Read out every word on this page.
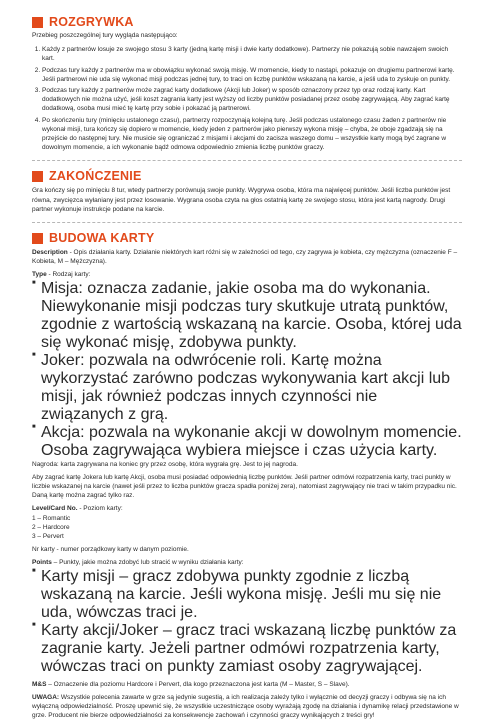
ROZGRYWKA

Przebieg poszczególnej tury wygląda następująco:

1. Każdy z partnerów losuje ze swojego stosu 3 karty (jedną kartę misji i dwie karty dodatkowe). Partnerzy nie pokazują sobie nawzajem swoich kart.
2. Podczas tury każdy z partnerów ma w obowiązku wykonać swoją misję. W momencie, kiedy to nastąpi, pokazuje on drugiemu partnerowi kartę. Jeśli partnerowi nie uda się wykonać misji podczas jednej tury, to traci on liczbę punktów wskazaną na karcie, a jeśli uda to zyskuje on punkty.
3. Podczas tury każdy z partnerów może zagrać karty dodatkowe (Akcji lub Joker) w sposób oznaczony przez typ oraz rodzaj karty. Kart dodatkowych nie można użyć, jeśli koszt zagrania karty jest wyższy od liczby punktów posiadanej przez osobę zagrywającą. Aby zagrać kartę dodatkową, osoba musi mieć tę kartę przy sobie i pokazać ją partnerowi.
4. Po skończeniu tury (minięciu ustalonego czasu), partnerzy rozpoczynają kolejną turę. Jeśli podczas ustalonego czasu żaden z partnerów nie wykonał misji, tura kończy się dopiero w momencie, kiedy jeden z partnerów jako pierwszy wykona misję – chyba, że oboje zgadzają się na przejście do następnej tury. Nie musicie się ograniczać z misjami i akcjami do zacisza waszego domu – wszystkie karty mogą być zagrane w dowolnym momencie, a ich wykonanie bądź odmowa odpowiednio zmienia liczbę punktów graczy.
ZAKOŃCZENIE

Gra kończy się po minięciu 8 tur, wtedy partnerzy porównują swoje punkty. Wygrywa osoba, która ma najwięcej punktów. Jeśli liczba punktów jest równa, zwycięzca wyłaniany jest przez losowanie. Wygrana osoba czyta na głos ostatnią kartę ze swojego stosu, która jest kartą nagrody. Drugi partner wykonuje instrukcje podane na karcie.

BUDOWA KARTY

Description - Opis działania karty. Działanie niektórych kart różni się w zależności od tego, czy zagrywa je kobieta, czy mężczyzna (oznaczenie F – Kobieta, M – Mężczyzna).

Type - Rodzaj karty:

■ Misja: oznacza zadanie, jakie osoba ma do wykonania. Niewykonanie misji podczas tury skutkuje utratą punktów, zgodnie z wartością wskazaną na karcie. Osoba, której uda się wykonać misję, zdobywa punkty.
■ Joker: pozwala na odwrócenie roli. Kartę można wykorzystać zarówno podczas wykonywania kart akcji lub misji, jak również podczas innych czynności nie związanych z grą.
■ Akcja: pozwala na wykonanie akcji w dowolnym momencie. Osoba zagrywająca wybiera miejsce i czas użycia karty.

Nagroda: karta zagrywana na koniec gry przez osobę, która wygrała grę. Jest to jej nagroda.

Aby zagrać kartę Jokera lub kartę Akcji, osoba musi posiadać odpowiednią liczbę punktów. Jeśli partner odmówi rozpatrzenia karty, traci punkty w liczbie wskazanej na karcie (nawet jeśli przez to liczba punktów gracza spadła poniżej zera), natomiast zagrywający nie traci w takim przypadku nic. Daną kartę można zagrać tylko raz.

Level/Card No. - Poziom karty:

1 – Romantic

2 – Hardcore

3 – Pervert

Nr karty - numer porządkowy karty w danym poziomie.

Points – Punkty, jakie można zdobyć lub stracić w wyniku działania karty:

■ Karty misji – gracz zdobywa punkty zgodnie z liczbą wskazaną na karcie. Jeśli wykona misję. Jeśli mu się nie uda, wówczas traci je.
■ Karty akcji/Joker – gracz traci wskazaną liczbę punktów za zagranie karty. Jeżeli partner odmówi rozpatrzenia karty, wówczas traci on punkty zamiast osoby zagrywającej.

M&S – Oznaczenie dla poziomu Hardcore i Pervert, dla kogo przeznaczona jest karta (M – Master, S – Slave).

UWAGA: Wszystkie polecenia zawarte w grze są jedynie sugestią, a ich realizacja zależy tylko i wyłącznie od decyzji graczy i odbywa się na ich wyłączną odpowiedzialność. Proszę upewnić się, że wszystkie uczestniczące osoby wyrażają zgodę na działania i dynamikę relacji przedstawione w grze. Producent nie bierze odpowiedzialności za konsekwencje zachowań i czynności graczy wynikających z treści gry!
